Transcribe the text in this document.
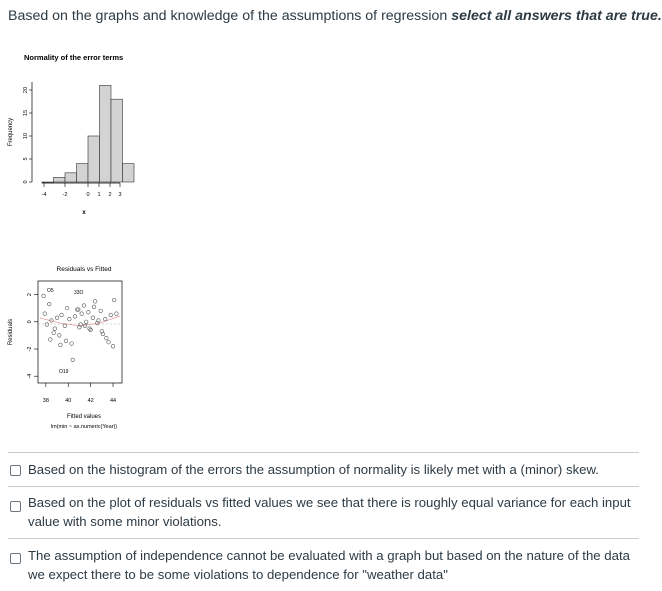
Based on the graphs and knowledge of the assumptions of regression select all answers that are true.
Normality of the error terms
-4	-2	0 1 2 3
0
5
10
15
20
x
Frequency
Residuals vs Fitted
O5	33O
O19
38	40	42	44
-4
-2
0
2
Fitted values
lm(min ~ as.numeric(Year))
Residuals
Based on the histogram of the errors the assumption of normality is likely met with a (minor) skew.
Based on the plot of residuals vs fitted values we see that there is roughly equal variance for each input value with some minor violations.
The assumption of independence cannot be evaluated with a graph but based on the nature of the data we expect there to be some violations to dependence for "weather data"
